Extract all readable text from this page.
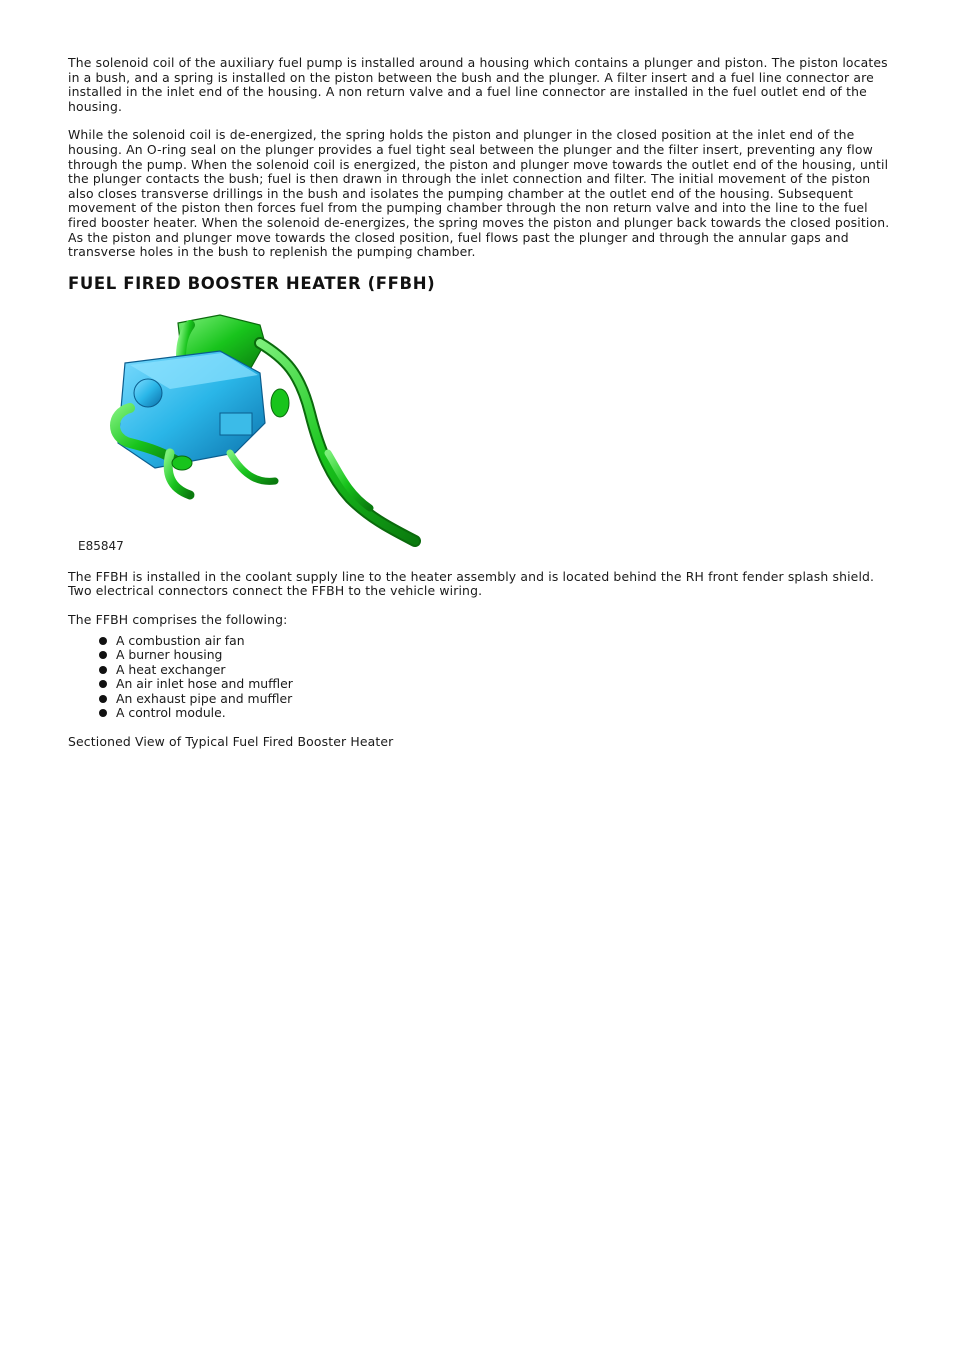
The solenoid coil of the auxiliary fuel pump is installed around a housing which contains a plunger and piston. The piston locates in a bush, and a spring is installed on the piston between the bush and the plunger. A filter insert and a fuel line connector are installed in the inlet end of the housing. A non return valve and a fuel line connector are installed in the fuel outlet end of the housing.

While the solenoid coil is de-energized, the spring holds the piston and plunger in the closed position at the inlet end of the housing. An O-ring seal on the plunger provides a fuel tight seal between the plunger and the filter insert, preventing any flow through the pump. When the solenoid coil is energized, the piston and plunger move towards the outlet end of the housing, until the plunger contacts the bush; fuel is then drawn in through the inlet connection and filter. The initial movement of the piston also closes transverse drillings in the bush and isolates the pumping chamber at the outlet end of the housing. Subsequent movement of the piston then forces fuel from the pumping chamber through the non return valve and into the line to the fuel fired booster heater. When the solenoid de-energizes, the spring moves the piston and plunger back towards the closed position. As the piston and plunger move towards the closed position, fuel flows past the plunger and through the annular gaps and transverse holes in the bush to replenish the pumping chamber.

FUEL FIRED BOOSTER HEATER (FFBH)
E85847

The FFBH is installed in the coolant supply line to the heater assembly and is located behind the RH front fender splash shield. Two electrical connectors connect the FFBH to the vehicle wiring.

The FFBH comprises the following:

A combustion air fan
A burner housing
A heat exchanger
An air inlet hose and muffler
An exhaust pipe and muffler
A control module.

Sectioned View of Typical Fuel Fired Booster Heater
